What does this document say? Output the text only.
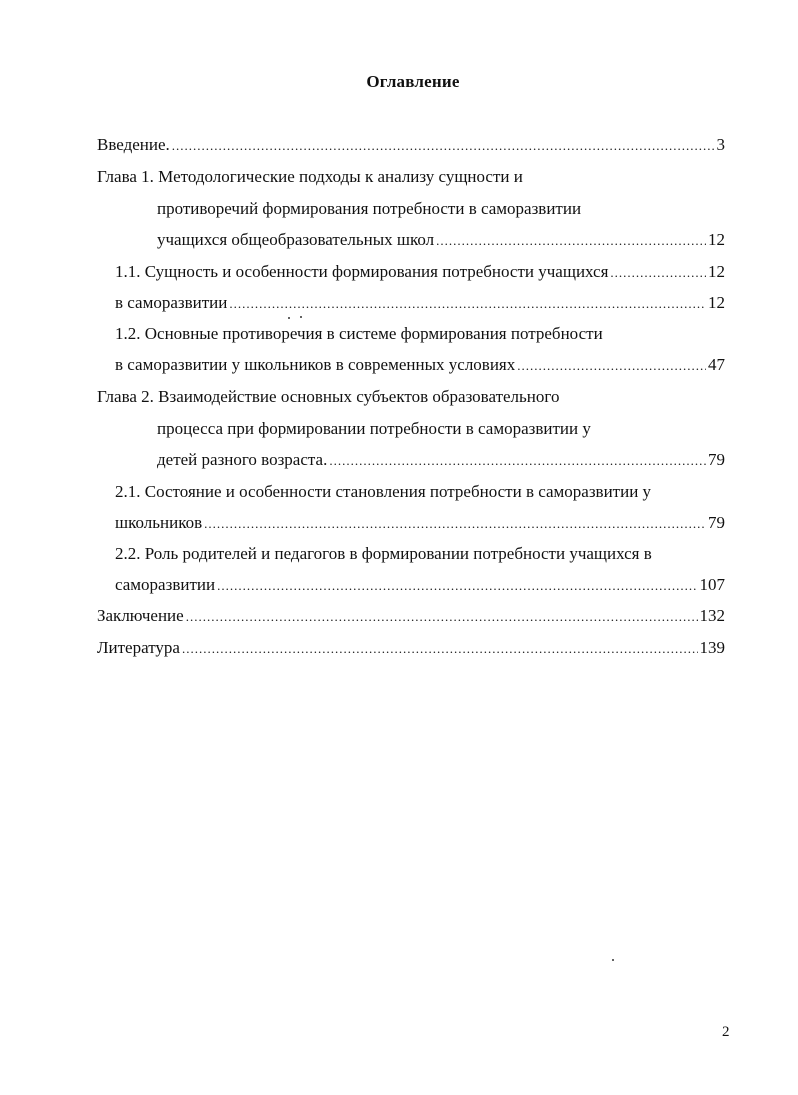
Оглавление
Введение. .....	3
Глава 1. Методологические подходы к анализу сущности и
противоречий формирования потребности в саморазвитии
учащихся общеобразовательных школ .....	12
1.1. Сущность и особенности формирования потребности учащихся .....	12
в саморазвитии .....	12
1.2. Основные противоречия в системе формирования потребности
в саморазвитии у школьников в современных условиях .....	47
Глава 2. Взаимодействие основных субъектов образовательного
процесса при формировании потребности в саморазвитии у
детей разного возраста. .....	79
2.1. Состояние и особенности становления потребности в саморазвитии у
школьников .....	79
2.2. Роль родителей и педагогов в формировании потребности учащихся в
саморазвитии .....	107
Заключение .....	132
Литература .....	139
2
